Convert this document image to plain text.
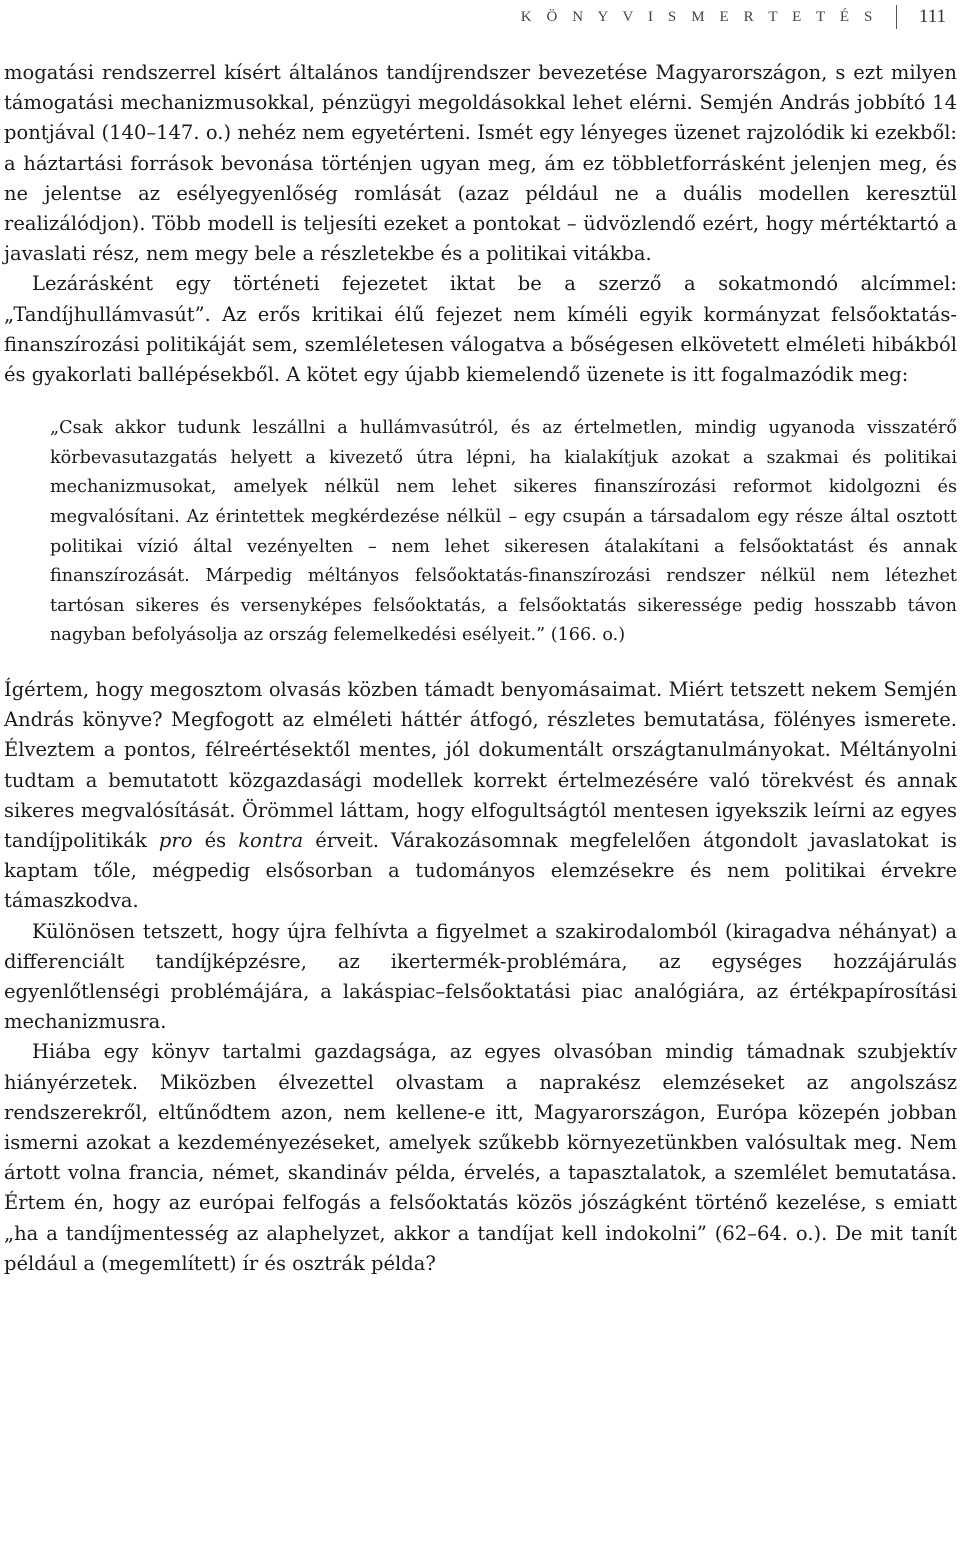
K Ö N Y V I S M E R T E T É S	111

mogatási rendszerrel kísért általános tandíjrendszer bevezetése Magyarországon, s ezt milyen támogatási mechanizmusokkal, pénzügyi megoldásokkal lehet elérni. Semjén András jobbító 14 pontjával (140–147. o.) nehéz nem egyetérteni. Ismét egy lényeges üzenet rajzolódik ki ezekből: a háztartási források bevonása történjen ugyan meg, ám ez többletforrásként jelenjen meg, és ne jelentse az esélyegyenlőség romlását (azaz például ne a duális modellen keresztül realizálódjon). Több modell is teljesíti ezeket a pontokat – üdvözlendő ezért, hogy mértéktartó a javaslati rész, nem megy bele a részletekbe és a politikai vitákba.

Lezárásként egy történeti fejezetet iktat be a szerző a sokatmondó alcímmel: „Tandíjhullámvasút”. Az erős kritikai élű fejezet nem kíméli egyik kormányzat felsőoktatás-finanszírozási politikáját sem, szemléletesen válogatva a bőségesen elkövetett elméleti hibákból és gyakorlati ballépésekből. A kötet egy újabb kiemelendő üzenete is itt fogalmazódik meg:

„Csak akkor tudunk leszállni a hullámvasútról, és az értelmetlen, mindig ugyanoda visszatérő körbevasutazgatás helyett a kivezető útra lépni, ha kialakítjuk azokat a szakmai és politikai mechanizmusokat, amelyek nélkül nem lehet sikeres finanszírozási reformot kidolgozni és megvalósítani. Az érintettek megkérdezése nélkül – egy csupán a társadalom egy része által osztott politikai vízió által vezényelten – nem lehet sikeresen átalakítani a felsőoktatást és annak finanszírozását. Márpedig méltányos felsőoktatás-finanszírozási rendszer nélkül nem létezhet tartósan sikeres és versenyképes felsőoktatás, a felsőoktatás sikeressége pedig hosszabb távon nagyban befolyásolja az ország felemelkedési esélyeit.” (166. o.)

Ígértem, hogy megosztom olvasás közben támadt benyomásaimat. Miért tetszett nekem Semjén András könyve? Megfogott az elméleti háttér átfogó, részletes bemutatása, fölényes ismerete. Élveztem a pontos, félreértésektől mentes, jól dokumentált országtanulmányokat. Méltányolni tudtam a bemutatott közgazdasági modellek korrekt értelmezésére való törekvést és annak sikeres megvalósítását. Örömmel láttam, hogy elfogultságtól mentesen igyekszik leírni az egyes tandíjpolitikák pro és kontra érveit. Várakozásomnak megfelelően átgondolt javaslatokat is kaptam tőle, mégpedig elsősorban a tudományos elemzésekre és nem politikai érvekre támaszkodva.

Különösen tetszett, hogy újra felhívta a figyelmet a szakirodalomból (kiragadva néhányat) a differenciált tandíjképzésre, az ikertermék-problémára, az egységes hozzájárulás egyenlőtlenségi problémájára, a lakáspiac–felsőoktatási piac analógiára, az értékpapírosítási mechanizmusra.

Hiába egy könyv tartalmi gazdagsága, az egyes olvasóban mindig támadnak szubjektív hiányérzetek. Miközben élvezettel olvastam a naprakész elemzéseket az angolszász rendszerekről, eltűnődtem azon, nem kellene-e itt, Magyarországon, Európa közepén jobban ismerni azokat a kezdeményezéseket, amelyek szűkebb környezetünkben valósultak meg. Nem ártott volna francia, német, skandináv példa, érvelés, a tapasztalatok, a szemlélet bemutatása. Értem én, hogy az európai felfogás a felsőoktatás közös jószágként történő kezelése, s emiatt „ha a tandíjmentesség az alaphelyzet, akkor a tandíjat kell indokolni” (62–64. o.). De mit tanít például a (megemlített) ír és osztrák példa?
